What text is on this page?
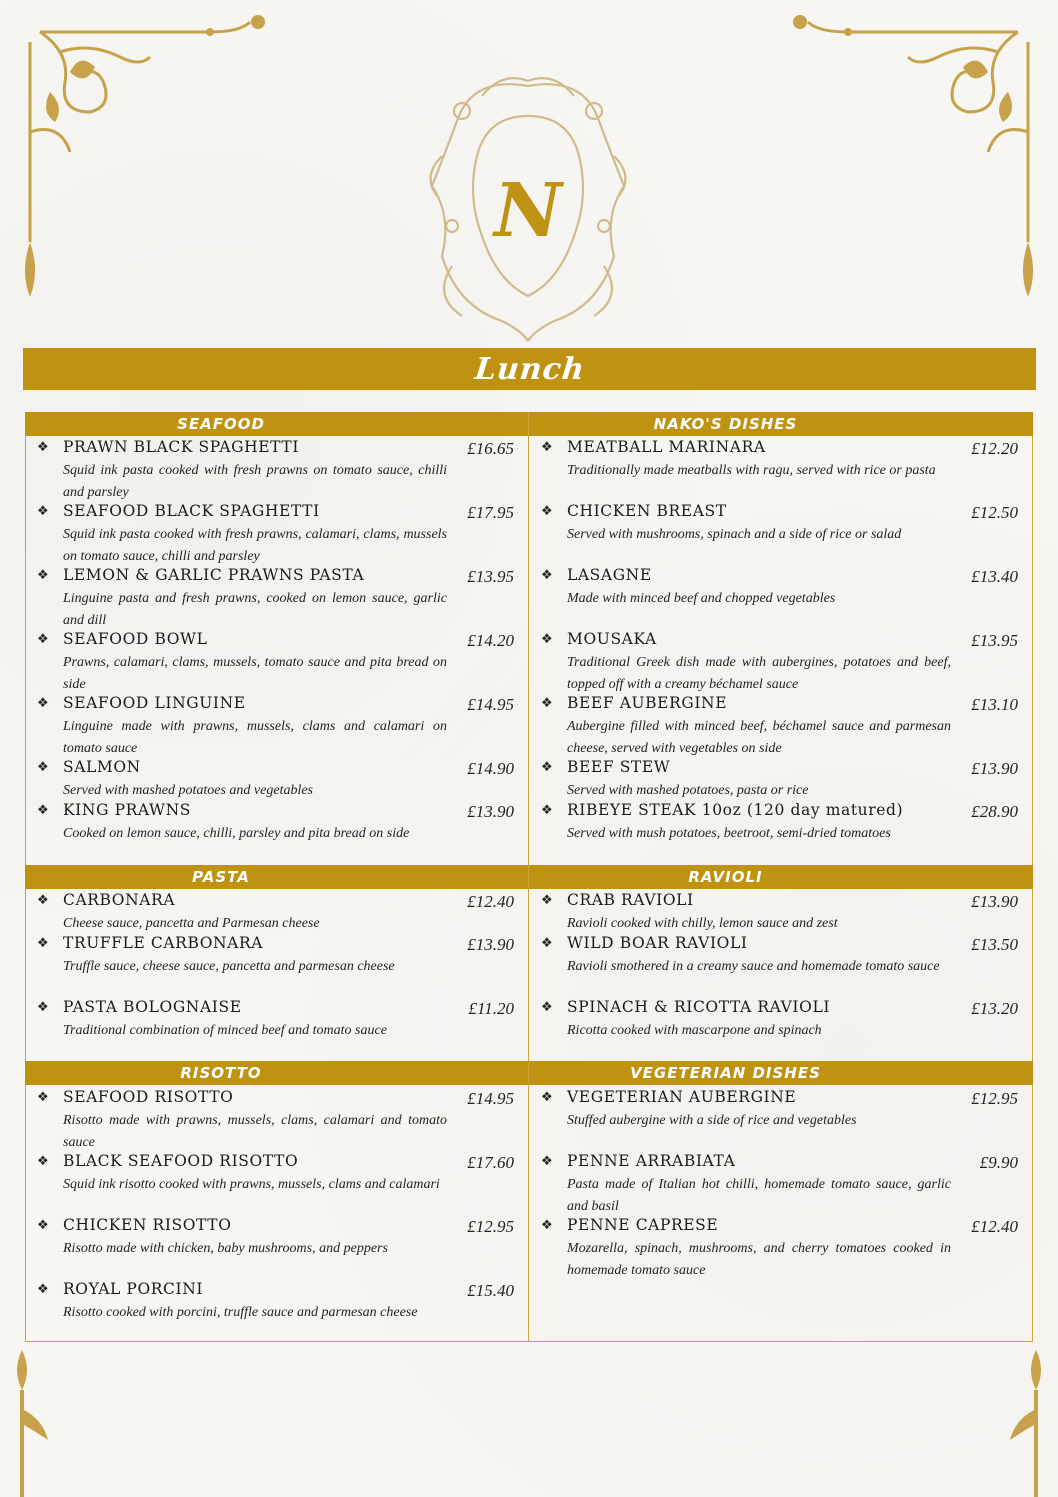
N
Lunch
SEAFOOD	NAKO'S DISHES
PASTA	RAVIOLI
RISOTTO	VEGETERIAN DISHES
❖ PRAWN BLACK SPAGHETTI	£16.65
Squid ink pasta cooked with fresh prawns on tomato sauce, chilli and parsley
❖ SEAFOOD BLACK SPAGHETTI	£17.95
Squid ink pasta cooked with fresh prawns, calamari, clams, mussels on tomato sauce, chilli and parsley
❖ LEMON & GARLIC PRAWNS PASTA	£13.95
Linguine pasta and fresh prawns, cooked on lemon sauce, garlic and dill
❖ SEAFOOD BOWL	£14.20
Prawns, calamari, clams, mussels, tomato sauce and pita bread on side
❖ SEAFOOD LINGUINE	£14.95
Linguine made with prawns, mussels, clams and calamari on tomato sauce
❖ SALMON	£14.90
Served with mashed potatoes and vegetables
❖ KING PRAWNS	£13.90
Cooked on lemon sauce, chilli, parsley and pita bread on side
❖ MEATBALL MARINARA	£12.20
Traditionally made meatballs with ragu, served with rice or pasta
❖ CHICKEN BREAST	£12.50
Served with mushrooms, spinach and a side of rice or salad
❖ LASAGNE	£13.40
Made with minced beef and chopped vegetables
❖ MOUSAKA	£13.95
Traditional Greek dish made with aubergines, potatoes and beef, topped off with a creamy béchamel sauce
❖ BEEF AUBERGINE	£13.10
Aubergine filled with minced beef, béchamel sauce and parmesan cheese, served with vegetables on side
❖ BEEF STEW	£13.90
Served with mashed potatoes, pasta or rice
❖ RIBEYE STEAK 10oz (120 day matured)	£28.90
Served with mush potatoes, beetroot, semi-dried tomatoes
❖ CARBONARA	£12.40
Cheese sauce, pancetta and Parmesan cheese
❖ TRUFFLE CARBONARA	£13.90
Truffle sauce, cheese sauce, pancetta and parmesan cheese
❖ PASTA BOLOGNAISE	£11.20
Traditional combination of minced beef and tomato sauce
❖ CRAB RAVIOLI	£13.90
Ravioli cooked with chilly, lemon sauce and zest
❖ WILD BOAR RAVIOLI	£13.50
Ravioli smothered in a creamy sauce and homemade tomato sauce
❖ SPINACH & RICOTTA RAVIOLI	£13.20
Ricotta cooked with mascarpone and spinach
❖ SEAFOOD RISOTTO	£14.95
Risotto made with prawns, mussels, clams, calamari and tomato sauce
❖ BLACK SEAFOOD RISOTTO	£17.60
Squid ink risotto cooked with prawns, mussels, clams and calamari
❖ CHICKEN RISOTTO	£12.95
Risotto made with chicken, baby mushrooms, and peppers
❖ ROYAL PORCINI	£15.40
Risotto cooked with porcini, truffle sauce and parmesan cheese
❖ VEGETERIAN AUBERGINE	£12.95
Stuffed aubergine with a side of rice and vegetables
❖ PENNE ARRABIATA	£9.90
Pasta made of Italian hot chilli, homemade tomato sauce, garlic and basil
❖ PENNE CAPRESE	£12.40
Mozarella, spinach, mushrooms, and cherry tomatoes cooked in homemade tomato sauce
